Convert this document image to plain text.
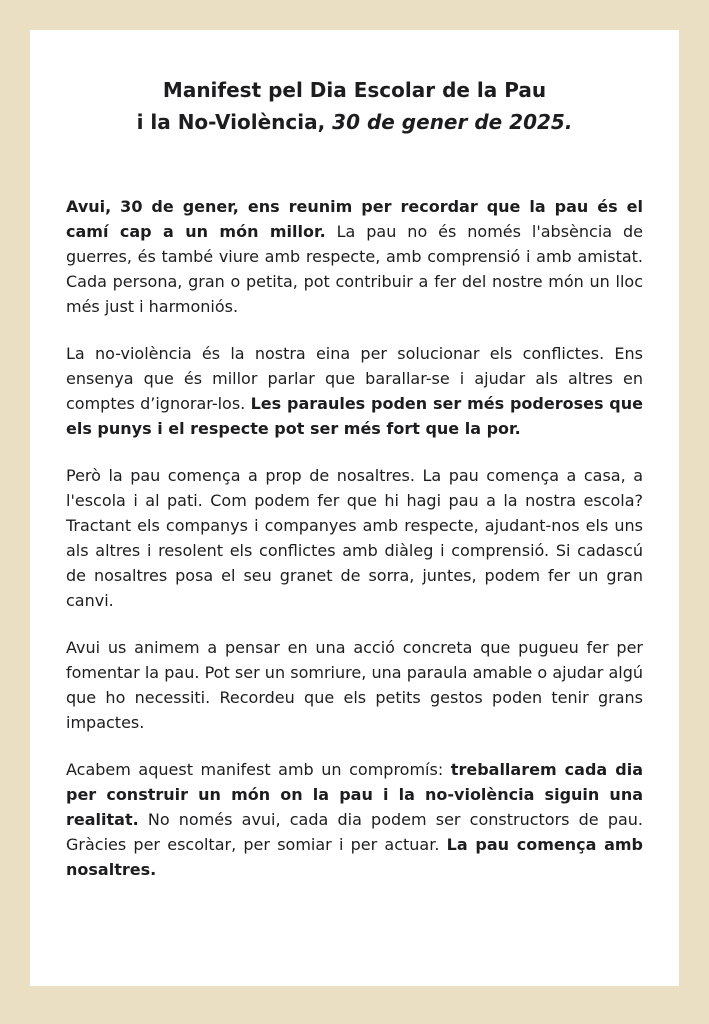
Manifest pel Dia Escolar de la Pau
i la No-Violència, 30 de gener de 2025.

Avui, 30 de gener, ens reunim per recordar que la pau és el camí cap a un món millor. La pau no és només l'absència de guerres, és també viure amb respecte, amb comprensió i amb amistat. Cada persona, gran o petita, pot contribuir a fer del nostre món un lloc més just i harmoniós.

La no-violència és la nostra eina per solucionar els conflictes. Ens ensenya que és millor parlar que barallar-se i ajudar als altres en comptes d’ignorar-los. Les paraules poden ser més poderoses que els punys i el respecte pot ser més fort que la por.

Però la pau comença a prop de nosaltres. La pau comença a casa, a l'escola i al pati. Com podem fer que hi hagi pau a la nostra escola? Tractant els companys i companyes amb respecte, ajudant-nos els uns als altres i resolent els conflictes amb diàleg i comprensió. Si cadascú de nosaltres posa el seu granet de sorra, juntes, podem fer un gran canvi.

Avui us animem a pensar en una acció concreta que pugueu fer per fomentar la pau. Pot ser un somriure, una paraula amable o ajudar algú que ho necessiti. Recordeu que els petits gestos poden tenir grans impactes.

Acabem aquest manifest amb un compromís: treballarem cada dia per construir un món on la pau i la no-violència siguin una realitat. No només avui, cada dia podem ser constructors de pau. Gràcies per escoltar, per somiar i per actuar. La pau comença amb nosaltres.
